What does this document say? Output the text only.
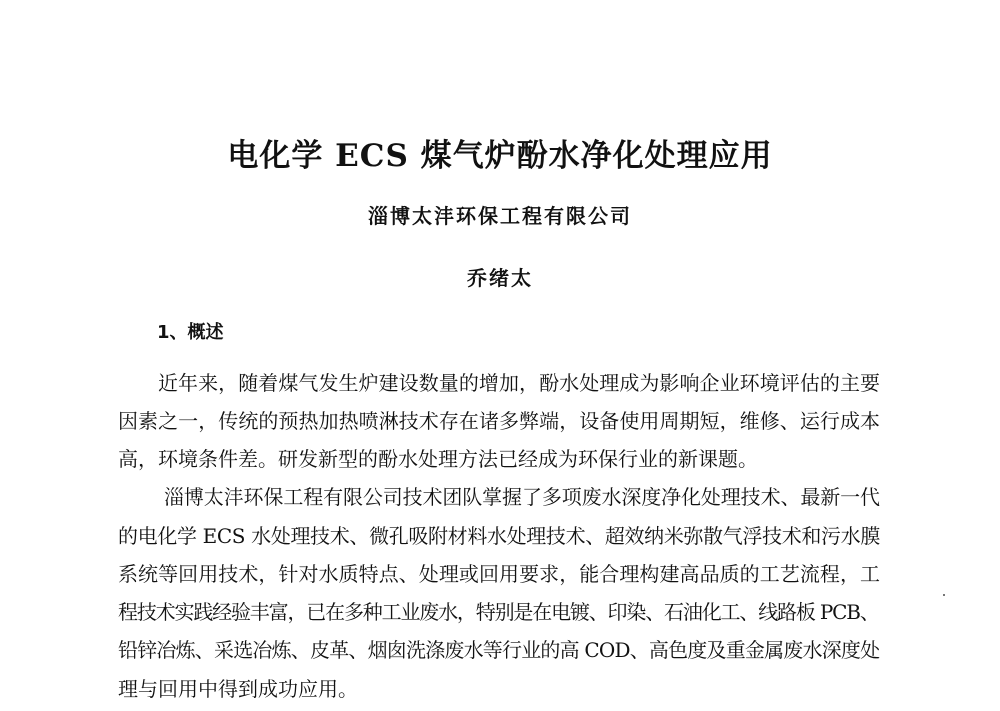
电化学 ECS 煤气炉酚水净化处理应用
淄博太沣环保工程有限公司
乔绪太
1、概述
近年来，随着煤气发生炉建设数量的增加，酚水处理成为影响企业环境评估的主要
因素之一，传统的预热加热喷淋技术存在诸多弊端，设备使用周期短，维修、运行成本
高，环境条件差。研发新型的酚水处理方法已经成为环保行业的新课题。
淄博太沣环保工程有限公司技术团队掌握了多项废水深度净化处理技术、最新一代
的电化学 ECS 水处理技术、微孔吸附材料水处理技术、超效纳米弥散气浮技术和污水膜
系统等回用技术，针对水质特点、处理或回用要求，能合理构建高品质的工艺流程，工
程技术实践经验丰富，已在多种工业废水，特别是在电镀、印染、石油化工、线路板 PCB、
铅锌冶炼、采选冶炼、皮革、烟囱洗涤废水等行业的高 COD、高色度及重金属废水深度处
理与回用中得到成功应用。
